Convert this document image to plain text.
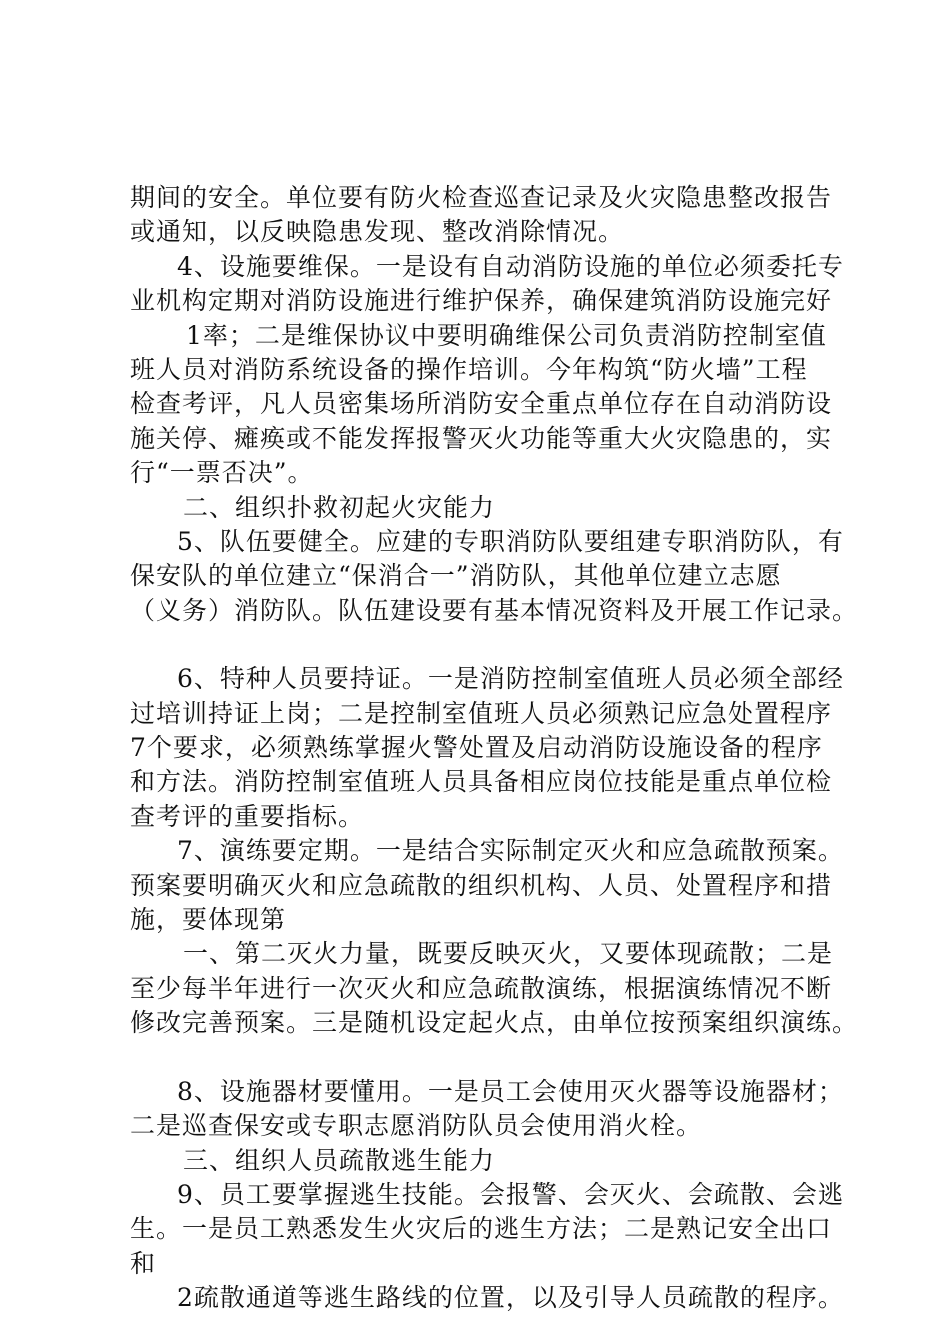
期间的安全。单位要有防火检查巡查记录及火灾隐患整改报告
或通知，以反映隐患发现、整改消除情况。
4、设施要维保。一是设有自动消防设施的单位必须委托专
业机构定期对消防设施进行维护保养，确保建筑消防设施完好
1率；二是维保协议中要明确维保公司负责消防控制室值
班人员对消防系统设备的操作培训。今年构筑“防火墙”工程
检查考评，凡人员密集场所消防安全重点单位存在自动消防设
施关停、瘫痪或不能发挥报警灭火功能等重大火灾隐患的，实
行“一票否决”。
二、组织扑救初起火灾能力
5、队伍要健全。应建的专职消防队要组建专职消防队，有
保安队的单位建立“保消合一”消防队，其他单位建立志愿
（义务）消防队。队伍建设要有基本情况资料及开展工作记录。
6、特种人员要持证。一是消防控制室值班人员必须全部经
过培训持证上岗；二是控制室值班人员必须熟记应急处置程序
7个要求，必须熟练掌握火警处置及启动消防设施设备的程序
和方法。消防控制室值班人员具备相应岗位技能是重点单位检
查考评的重要指标。
7、演练要定期。一是结合实际制定灭火和应急疏散预案。
预案要明确灭火和应急疏散的组织机构、人员、处置程序和措
施，要体现第
一、第二灭火力量，既要反映灭火，又要体现疏散；二是
至少每半年进行一次灭火和应急疏散演练，根据演练情况不断
修改完善预案。三是随机设定起火点，由单位按预案组织演练。
8、设施器材要懂用。一是员工会使用灭火器等设施器材；
二是巡查保安或专职志愿消防队员会使用消火栓。
三、组织人员疏散逃生能力
9、员工要掌握逃生技能。会报警、会灭火、会疏散、会逃
生。一是员工熟悉发生火灾后的逃生方法；二是熟记安全出口
和
2疏散通道等逃生路线的位置，以及引导人员疏散的程序。
